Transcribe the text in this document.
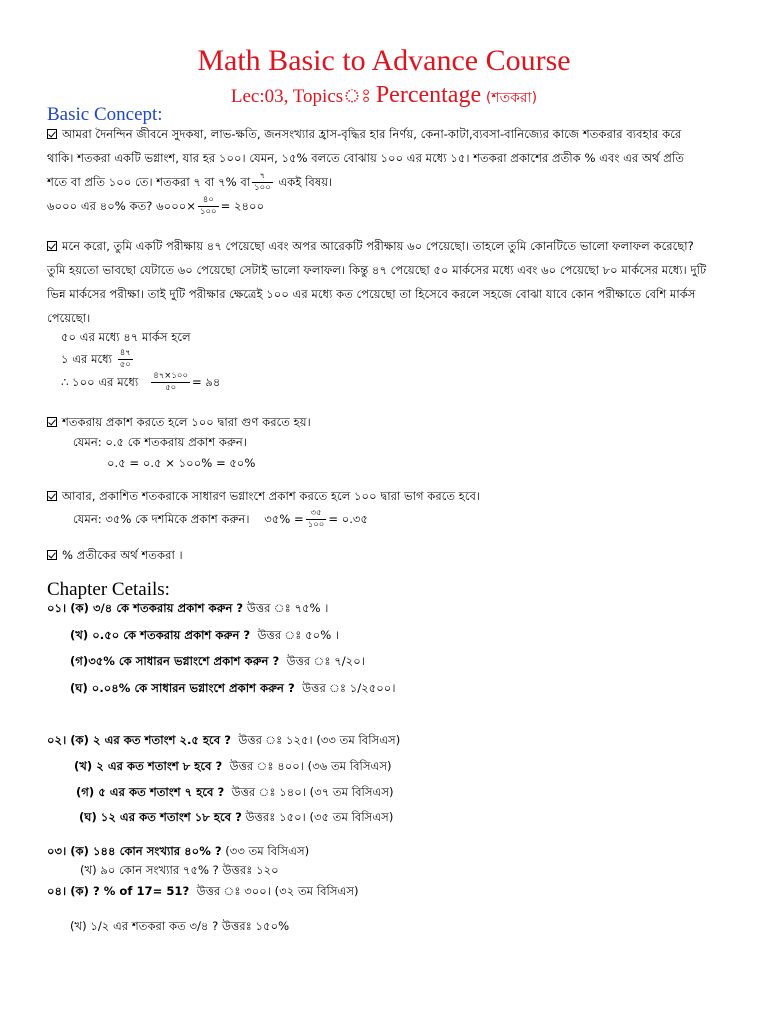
Math Basic to Advance Course
Lec:03, Topicsঃ Percentage (শতকরা)
Basic Concept:
আমরা দৈনন্দিন জীবনে সুদকষা, লাভ-ক্ষতি, জনসংখ্যার হ্রাস-বৃদ্ধির হার নির্ণয়, কেনা-কাটা,ব্যবসা-বানিজ্যের কাজে শতকরার ব্যবহার করে
থাকি। শতকরা একটি ভগ্নাংশ, যার হর ১০০। যেমন, ১৫% বলতে বোঝায় ১০০ এর মধ্যে ১৫। শতকরা প্রকাশের প্রতীক % এবং এর অর্থ প্রতি
শতে বা প্রতি ১০০ তে। শতকরা ৭ বা ৭% বা $\frac{৭}{১০০}$ একই বিষয়।
৬০০০ এর ৪০% কত? ৬০০০× $\frac{৪০}{১০০}$ = ২৪০০
মনে করো, তুমি একটি পরীক্ষায় ৪৭ পেয়েছো এবং অপর আরেকটি পরীক্ষায় ৬০ পেয়েছো। তাহলে তুমি কোনটিতে ভালো ফলাফল করেছো?
তুমি হয়তো ভাবছো যেটাতে ৬০ পেয়েছো সেটাই ভালো ফলাফল। কিন্তু ৪৭ পেয়েছো ৫০ মার্কসের মধ্যে এবং ৬০ পেয়েছো ৮০ মার্কসের মধ্যে। দুটি
ভিন্ন মার্কসের পরীক্ষা। তাই দুটি পরীক্ষার ক্ষেত্রেই ১০০ এর মধ্যে কত পেয়েছো তা হিসেবে করলে সহজে বোঝা যাবে কোন পরীক্ষাতে বেশি মার্কস
পেয়েছো।
৫০ এর মধ্যে ৪৭ মার্কস হলে
১ এর মধ্যে $\frac{৪৭}{৫০}$
∴ ১০০ এর মধ্যে $\frac{৪৭\times ১০০}{৫০}$ = ৯৪
শতকরায় প্রকাশ করতে হলে ১০০ দ্বারা গুণ করতে হয়।
যেমন: ০.৫ কে শতকরায় প্রকাশ করুন।
০.৫ = ০.৫ × ১০০% = ৫০%
আবার, প্রকাশিত শতকরাকে সাধারণ ভগ্নাংশে প্রকাশ করতে হলে ১০০ দ্বারা ভাগ করতে হবে।
যেমন: ৩৫% কে দশমিকে প্রকাশ করুন। ৩৫% = $\frac{৩৫}{১০০}$ = ০.৩৫
% প্রতীকের অর্থ শতকরা ।
Chapter Cetails:
০১। (ক) ৩/৪ কে শতকরায় প্রকাশ করুন ? উত্তর ঃ ৭৫% ।
(খ) ০.৫০ কে শতকরায় প্রকাশ করুন ? উত্তর ঃ ৫০% ।
(গ)৩৫% কে সাধারন ভগ্নাংশে প্রকাশ করুন ? উত্তর ঃ ৭/২০।
(ঘ) ০.০৪% কে সাধারন ভগ্নাংশে প্রকাশ করুন ? উত্তর ঃ ১/২৫০০।
০২। (ক) ২ এর কত শতাংশ ২.৫ হবে ? উত্তর ঃ ১২৫। (৩৩ তম বিসিএস)
(খ) ২ এর কত শতাংশ ৮ হবে ? উত্তর ঃ ৪০০। (৩৬ তম বিসিএস)
(গ) ৫ এর কত শতাংশ ৭ হবে ? উত্তর ঃ ১৪০। (৩৭ তম বিসিএস)
(ঘ) ১২ এর কত শতাংশ ১৮ হবে ? উত্তরঃ ১৫০। (৩৫ তম বিসিএস)
০৩। (ক) ১৪৪ কোন সংখ্যার ৪০% ? (৩৩ তম বিসিএস)
(খ) ৯০ কোন সংখ্যার ৭৫% ? উত্তরঃ ১২০
০৪। (ক) ? % of 17= 51? উত্তর ঃ ৩০০। (৩২ তম বিসিএস)
(খ) ১/২ এর শতকরা কত ৩/৪ ? উত্তরঃ ১৫০%
